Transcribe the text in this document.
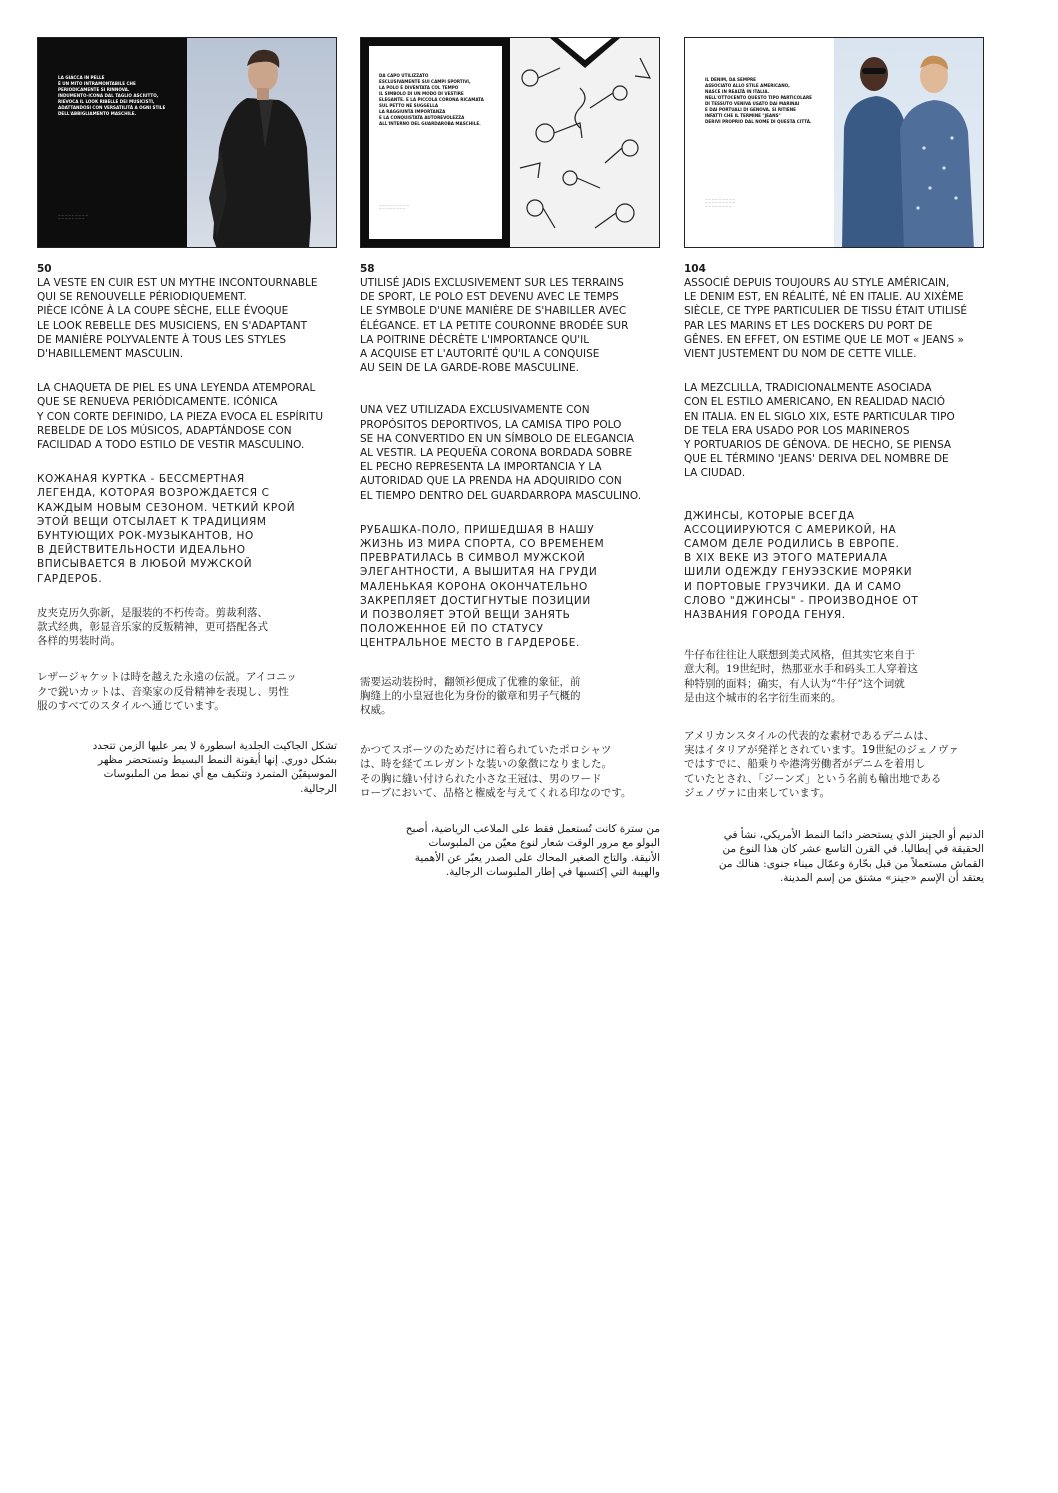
LA GIACCA IN PELLE
È UN MITO INTRAMONTABILE CHE
PERIODICAMENTE SI RINNOVA.
INDUMENTO-ICONA DAL TAGLIO ASCIUTTO,
RIEVOCA IL LOOK RIBELLE DEI MUSICISTI,
ADATTANDOSI CON VERSATILITÀ A OGNI STILE
DELL'ABBIGLIAMENTO MASCHILE.
— — — — — — — — —
— — — — — — — —
50

LA VESTE EN CUIR EST UN MYTHE INCONTOURNABLE
QUI SE RENOUVELLE PÉRIODIQUEMENT.
PIÈCE ICÔNE À LA COUPE SÈCHE, ELLE ÉVOQUE
LE LOOK REBELLE DES MUSICIENS, EN S'ADAPTANT
DE MANIÈRE POLYVALENTE À TOUS LES STYLES
D'HABILLEMENT MASCULIN.

LA CHAQUETA DE PIEL ES UNA LEYENDA ATEMPORAL
QUE SE RENUEVA PERIÓDICAMENTE. ICÓNICA
Y CON CORTE DEFINIDO, LA PIEZA EVOCA EL ESPÍRITU
REBELDE DE LOS MÚSICOS, ADAPTÁNDOSE CON
FACILIDAD A TODO ESTILO DE VESTIR MASCULINO.

КОЖАНАЯ КУРТКА - БЕССМЕРТНАЯ
ЛЕГЕНДА, КОТОРАЯ ВОЗРОЖДАЕТСЯ С
КАЖДЫМ НОВЫМ СЕЗОНОМ. ЧЕТКИЙ КРОЙ
ЭТОЙ ВЕЩИ ОТСЫЛАЕТ К ТРАДИЦИЯМ
БУНТУЮЩИХ РОК-МУЗЫКАНТОВ, НО
В ДЕЙСТВИТЕЛЬНОСТИ ИДЕАЛЬНО
ВПИСЫВАЕТСЯ В ЛЮБОЙ МУЖСКОЙ
ГАРДЕРОБ.

皮夹克历久弥新，是服装的不朽传奇。剪裁利落、
款式经典，彰显音乐家的反叛精神，更可搭配各式
各样的男装时尚。

レザージャケットは時を越えた永遠の伝説。アイコニッ
クで鋭いカットは、音楽家の反骨精神を表現し、男性
服のすべてのスタイルへ通じています。

تشكل الجاكيت الجلدية اسطورة لا يمر عليها الزمن تتجدد
بشكل دوري. إنها أيقونة النمط البسيط وتستحضر مظهر
الموسيقيّن المتمرد وتتكيف مع أي نمط من الملبوسات
الرجالية.

DA CAPO UTILIZZATO
ESCLUSIVAMENTE SUI CAMPI SPORTIVI,
LA POLO È DIVENTATA COL TEMPO
IL SIMBOLO DI UN MODO DI VESTIRE
ELEGANTE. E LA PICCOLA CORONA RICAMATA
SUL PETTO NE SUGGELLA
LA RAGGIUNTA IMPORTANZA
E LA CONQUISTATA AUTOREVOLEZZA
ALL'INTERNO DEL GUARDAROBA MASCHILE.
— — — — — — — — —
— — — — — — — —
58

UTILISÉ JADIS EXCLUSIVEMENT SUR LES TERRAINS
DE SPORT, LE POLO EST DEVENU AVEC LE TEMPS
LE SYMBOLE D'UNE MANIÈRE DE S'HABILLER AVEC
ÉLÉGANCE. ET LA PETITE COURONNE BRODÉE SUR
LA POITRINE DÉCRÈTE L'IMPORTANCE QU'IL
A ACQUISE ET L'AUTORITÉ QU'IL A CONQUISE
AU SEIN DE LA GARDE-ROBE MASCULINE.

UNA VEZ UTILIZADA EXCLUSIVAMENTE CON
PROPÓSITOS DEPORTIVOS, LA CAMISA TIPO POLO
SE HA CONVERTIDO EN UN SÍMBOLO DE ELEGANCIA
AL VESTIR. LA PEQUEÑA CORONA BORDADA SOBRE
EL PECHO REPRESENTA LA IMPORTANCIA Y LA
AUTORIDAD QUE LA PRENDA HA ADQUIRIDO CON
EL TIEMPO DENTRO DEL GUARDARROPA MASCULINO.

РУБАШКА-ПОЛО, ПРИШЕДШАЯ В НАШУ
ЖИЗНЬ ИЗ МИРА СПОРТА, СО ВРЕМЕНЕМ
ПРЕВРАТИЛАСЬ В СИМВОЛ МУЖСКОЙ
ЭЛЕГАНТНОСТИ, А ВЫШИТАЯ НА ГРУДИ
МАЛЕНЬКАЯ КОРОНА ОКОНЧАТЕЛЬНО
ЗАКРЕПЛЯЕТ ДОСТИГНУТЫЕ ПОЗИЦИИ
И ПОЗВОЛЯЕТ ЭТОЙ ВЕЩИ ЗАНЯТЬ
ПОЛОЖЕННОЕ ЕЙ ПО СТАТУСУ
ЦЕНТРАЛЬНОЕ МЕСТО В ГАРДЕРОБЕ.

需要运动装扮时，翻领衫便成了优雅的象征，前
胸缝上的小皇冠也化为身份的徽章和男子气概的
权威。

かつてスポーツのためだけに着られていたポロシャツ
は、時を経てエレガントな装いの象徴になりました。
その胸に縫い付けられた小さな王冠は、男のワード
ローブにおいて、品格と権威を与えてくれる印なのです。

من سترة كانت تُستعمل فقط على الملاعب الرياضية، أصبح
البولو مع مرور الوقت شعار لنوع معيّن من الملبوسات
الأنيقة. والتاج الصغير المحاك على الصدر يعبّر عن الأهمية
والهيبة التي إكتسبها في إطار الملبوسات الرجالية.

IL DENIM, DA SEMPRE
ASSOCIATO ALLO STILE AMERICANO,
NASCE IN REALTÀ IN ITALIA.
NELL'OTTOCENTO QUESTO TIPO PARTICOLARE
DI TESSUTO VENIVA USATO DAI MARINAI
E DAI PORTUALI DI GENOVA. SI RITIENE
INFATTI CHE IL TERMINE "JEANS"
DERIVI PROPRIO DAL NOME DI QUESTA CITTÀ.
— — — — — — — — —
— — — — — — — — —
— — — — — — — —
104

ASSOCIÉ DEPUIS TOUJOURS AU STYLE AMÉRICAIN,
LE DENIM EST, EN RÉALITÉ, NÉ EN ITALIE. AU XIXÈME
SIÈCLE, CE TYPE PARTICULIER DE TISSU ÉTAIT UTILISÉ
PAR LES MARINS ET LES DOCKERS DU PORT DE
GÊNES. EN EFFET, ON ESTIME QUE LE MOT « JEANS »
VIENT JUSTEMENT DU NOM DE CETTE VILLE.

LA MEZCLILLA, TRADICIONALMENTE ASOCIADA
CON EL ESTILO AMERICANO, EN REALIDAD NACIÓ
EN ITALIA. EN EL SIGLO XIX, ESTE PARTICULAR TIPO
DE TELA ERA USADO POR LOS MARINEROS
Y PORTUARIOS DE GÉNOVA. DE HECHO, SE PIENSA
QUE EL TÉRMINO 'JEANS' DERIVA DEL NOMBRE DE
LA CIUDAD.

ДЖИНСЫ, КОТОРЫЕ ВСЕГДА
АССОЦИИРУЮТСЯ С АМЕРИКОЙ, НА
САМОМ ДЕЛЕ РОДИЛИСЬ В ЕВРОПЕ.
В XIX ВЕКЕ ИЗ ЭТОГО МАТЕРИАЛА
ШИЛИ ОДЕЖДУ ГЕНУЭЗСКИЕ МОРЯКИ
И ПОРТОВЫЕ ГРУЗЧИКИ. ДА И САМО
СЛОВО "ДЖИНСЫ" - ПРОИЗВОДНОЕ ОТ
НАЗВАНИЯ ГОРОДА ГЕНУЯ.

牛仔布往往让人联想到美式风格，但其实它来自于
意大利。19世纪时，热那亚水手和码头工人穿着这
种特别的面料；确实，有人认为“牛仔”这个词就
是由这个城市的名字衍生而来的。

アメリカンスタイルの代表的な素材であるデニムは、
実はイタリアが発祥とされています。19世紀のジェノヴァ
ではすでに、船乗りや港湾労働者がデニムを着用し
ていたとされ、「ジーンズ」という名前も輸出地である
ジェノヴァに由来しています。

الدنيم أو الجينز الذي يستحضر دائما النمط الأمريكي، نشأ في
الحقيقة في إيطاليا. في القرن التاسع عشر كان هذا النوع من
القماش مستعملاً من قبل بحّارة وعمّال ميناء جنوى: هنالك من
يعتقد أن الإسم «جينز» مشتق من إسم المدينة.
